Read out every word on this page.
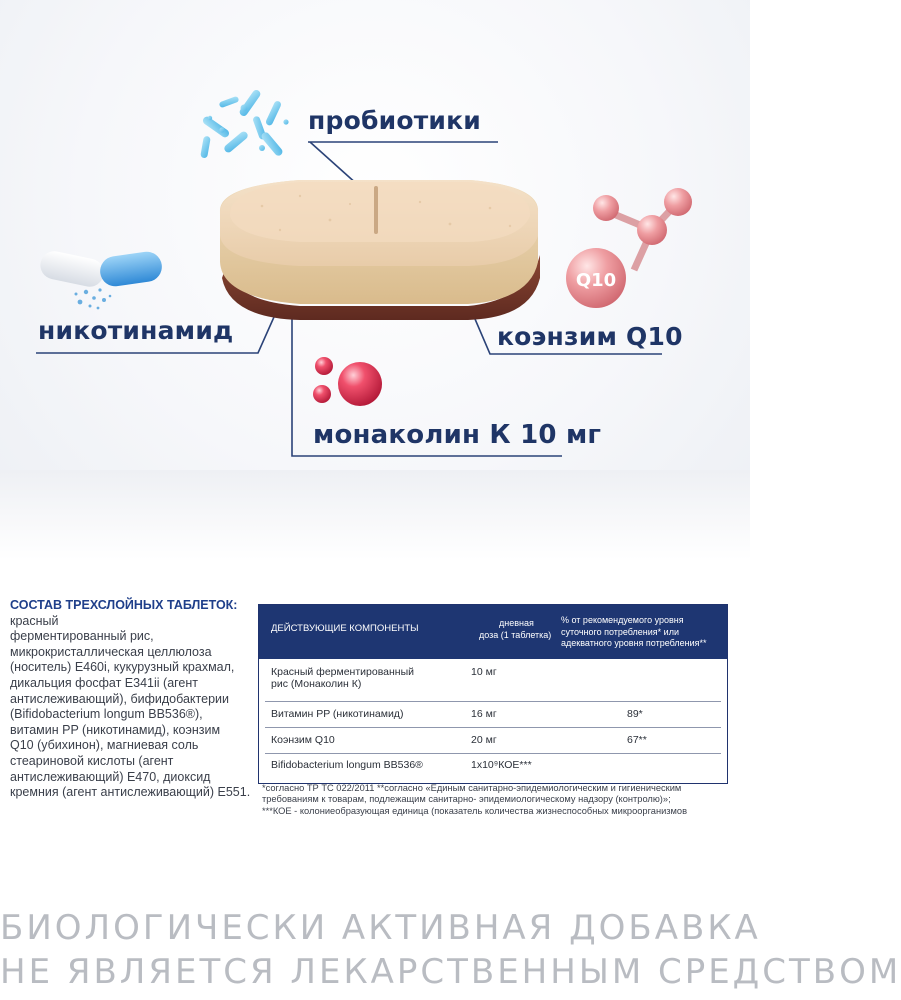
Q10
пробиотики
никотинамид	коэнзим Q10
монаколин К 10 мг
СОСТАВ ТРЕХСЛОЙНЫХ ТАБЛЕТОК: красный
ферментированный рис,
микрокристаллическая целлюлоза
(носитель) Е460i, кукурузный крахмал,
дикальция фосфат Е341ii (агент
антислеживающий), бифидобактерии
(Bifidobacterium longum BB536®),
витамин PP (никотинамид), коэнзим
Q10 (убихинон), магниевая соль
стеариновой кислоты (агент
антислеживающий) Е470, диоксид
кремния (агент антислеживающий) Е551.
ДЕЙСТВУЮЩИЕ КОМПОНЕНТЫ	дневная
доза (1 таблетка)
% от рекомендуемого уровня
суточного потребления* или
адекватного уровня потребления**
Красный ферментированный
рис (Монаколин К)
10 мг
Витамин PP (никотинамид)	16 мг	89*
Коэнзим Q10	20 мг	67**
Bifidobacterium longum BB536®	1x10⁹КОЕ***
*согласно ТР ТС 022/2011 **согласно «Единым санитарно-эпидемиологическим и гигиеническим
требованиям к товарам, подлежащим санитарно- эпидемиологическому надзору (контролю)»;
***КОЕ - колониеобразующая единица (показатель количества жизнеспособных микроорганизмов
БИОЛОГИЧЕСКИ АКТИВНАЯ ДОБАВКА
НЕ ЯВЛЯЕТСЯ ЛЕКАРСТВЕННЫМ СРЕДСТВОМ
